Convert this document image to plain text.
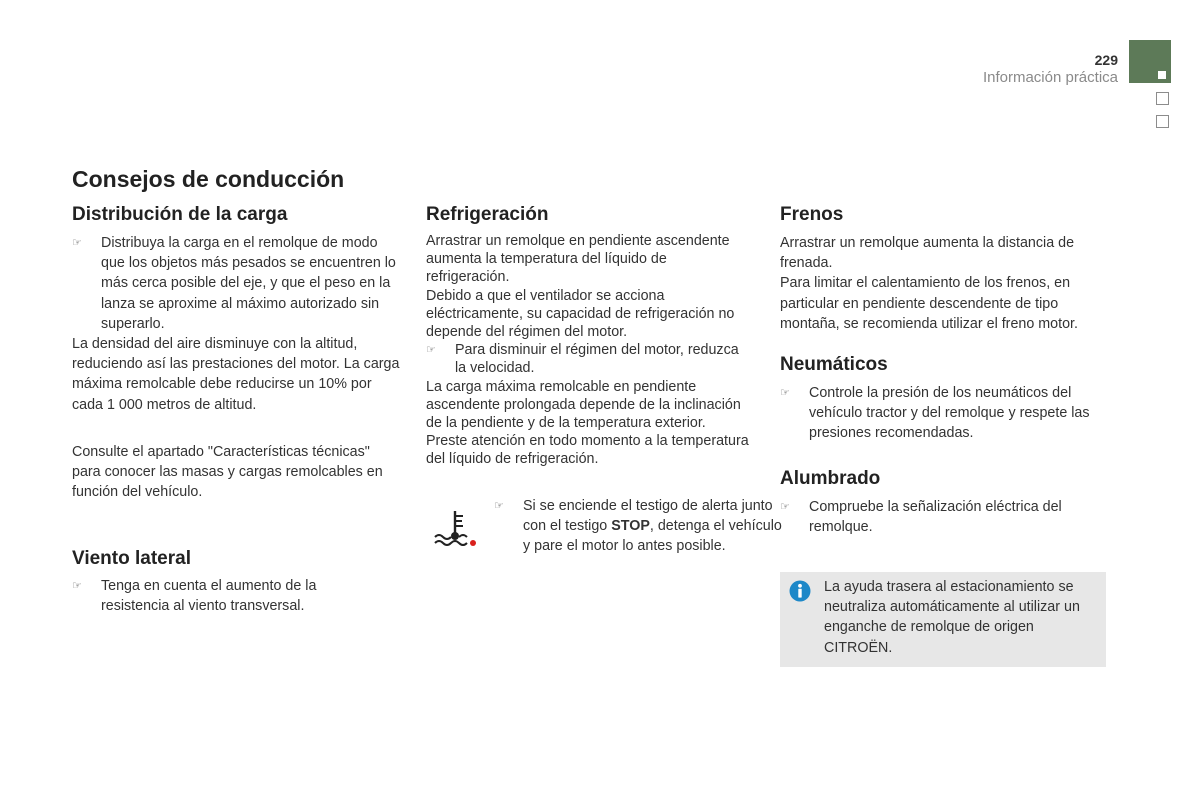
229
Información práctica
Consejos de conducción
Distribución de la carga
☞ Distribuya la carga en el remolque de modo que los objetos más pesados se encuentren lo más cerca posible del eje, y que el peso en la lanza se aproxime al máximo autorizado sin superarlo.

La densidad del aire disminuye con la altitud, reduciendo así las prestaciones del motor. La carga máxima remolcable debe reducirse un 10% por cada 1 000 metros de altitud.

Consulte el apartado "Características técnicas" para conocer las masas y cargas remolcables en función del vehículo.

Viento lateral
☞ Tenga en cuenta el aumento de la resistencia al viento transversal.
Refrigeración

Arrastrar un remolque en pendiente ascendente aumenta la temperatura del líquido de refrigeración.

Debido a que el ventilador se acciona eléctricamente, su capacidad de refrigeración no depende del régimen del motor.

☞ Para disminuir el régimen del motor, reduzca la velocidad.

La carga máxima remolcable en pendiente ascendente prolongada depende de la inclinación de la pendiente y de la temperatura exterior.

Preste atención en todo momento a la temperatura del líquido de refrigeración.

☞ Si se enciende el testigo de alerta junto con el testigo STOP, detenga el vehículo y pare el motor lo antes posible.
Frenos

Arrastrar un remolque aumenta la distancia de frenada.

Para limitar el calentamiento de los frenos, en particular en pendiente descendente de tipo montaña, se recomienda utilizar el freno motor.

Neumáticos
☞ Controle la presión de los neumáticos del vehículo tractor y del remolque y respete las presiones recomendadas.
Alumbrado
☞ Compruebe la señalización eléctrica del remolque.
La ayuda trasera al estacionamiento se neutraliza automáticamente al utilizar un enganche de remolque de origen CITROËN.
